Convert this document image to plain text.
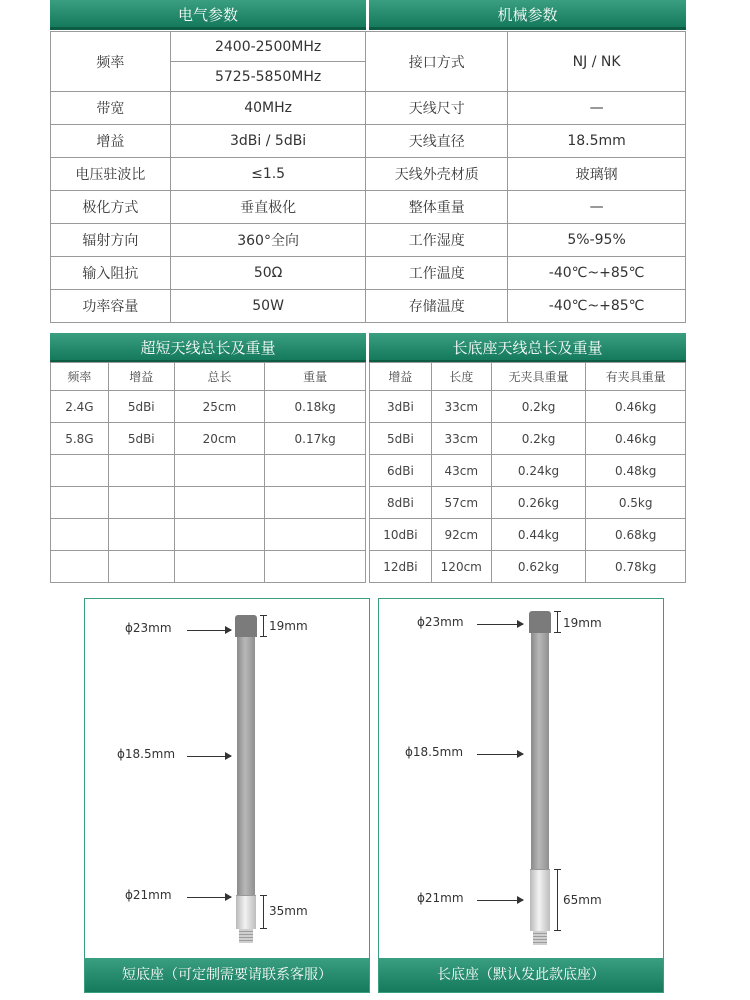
电气参数	机械参数
频率	2400-2500MHz	接口方式	NJ / NK
	5725-5850MHz		
带宽	40MHz	天线尺寸	—
增益	3dBi / 5dBi	天线直径	18.5mm
电压驻波比	≤1.5	天线外壳材质	玻璃钢
极化方式	垂直极化	整体重量	—
辐射方向	360°全向	工作湿度	5%-95%
输入阻抗	50Ω	工作温度	-40℃~+85℃
功率容量	50W	存储温度	-40℃~+85℃
超短天线总长及重量	长底座天线总长及重量
频率	增益	总长	重量
2.4G	5dBi	25cm	0.18kg
5.8G	5dBi	20cm	0.17kg

增益	长度	无夹具重量	有夹具重量
3dBi	33cm	0.2kg	0.46kg
5dBi	33cm	0.2kg	0.46kg
6dBi	43cm	0.24kg	0.48kg
8dBi	57cm	0.26kg	0.5kg
10dBi	92cm	0.44kg	0.68kg
12dBi	120cm	0.62kg	0.78kg
ϕ23mm	19mm
ϕ18.5mm
ϕ21mm
35mm
短底座（可定制需要请联系客服）
ϕ23mm	19mm
ϕ18.5mm
ϕ21mm	65mm
长底座（默认发此款底座）
